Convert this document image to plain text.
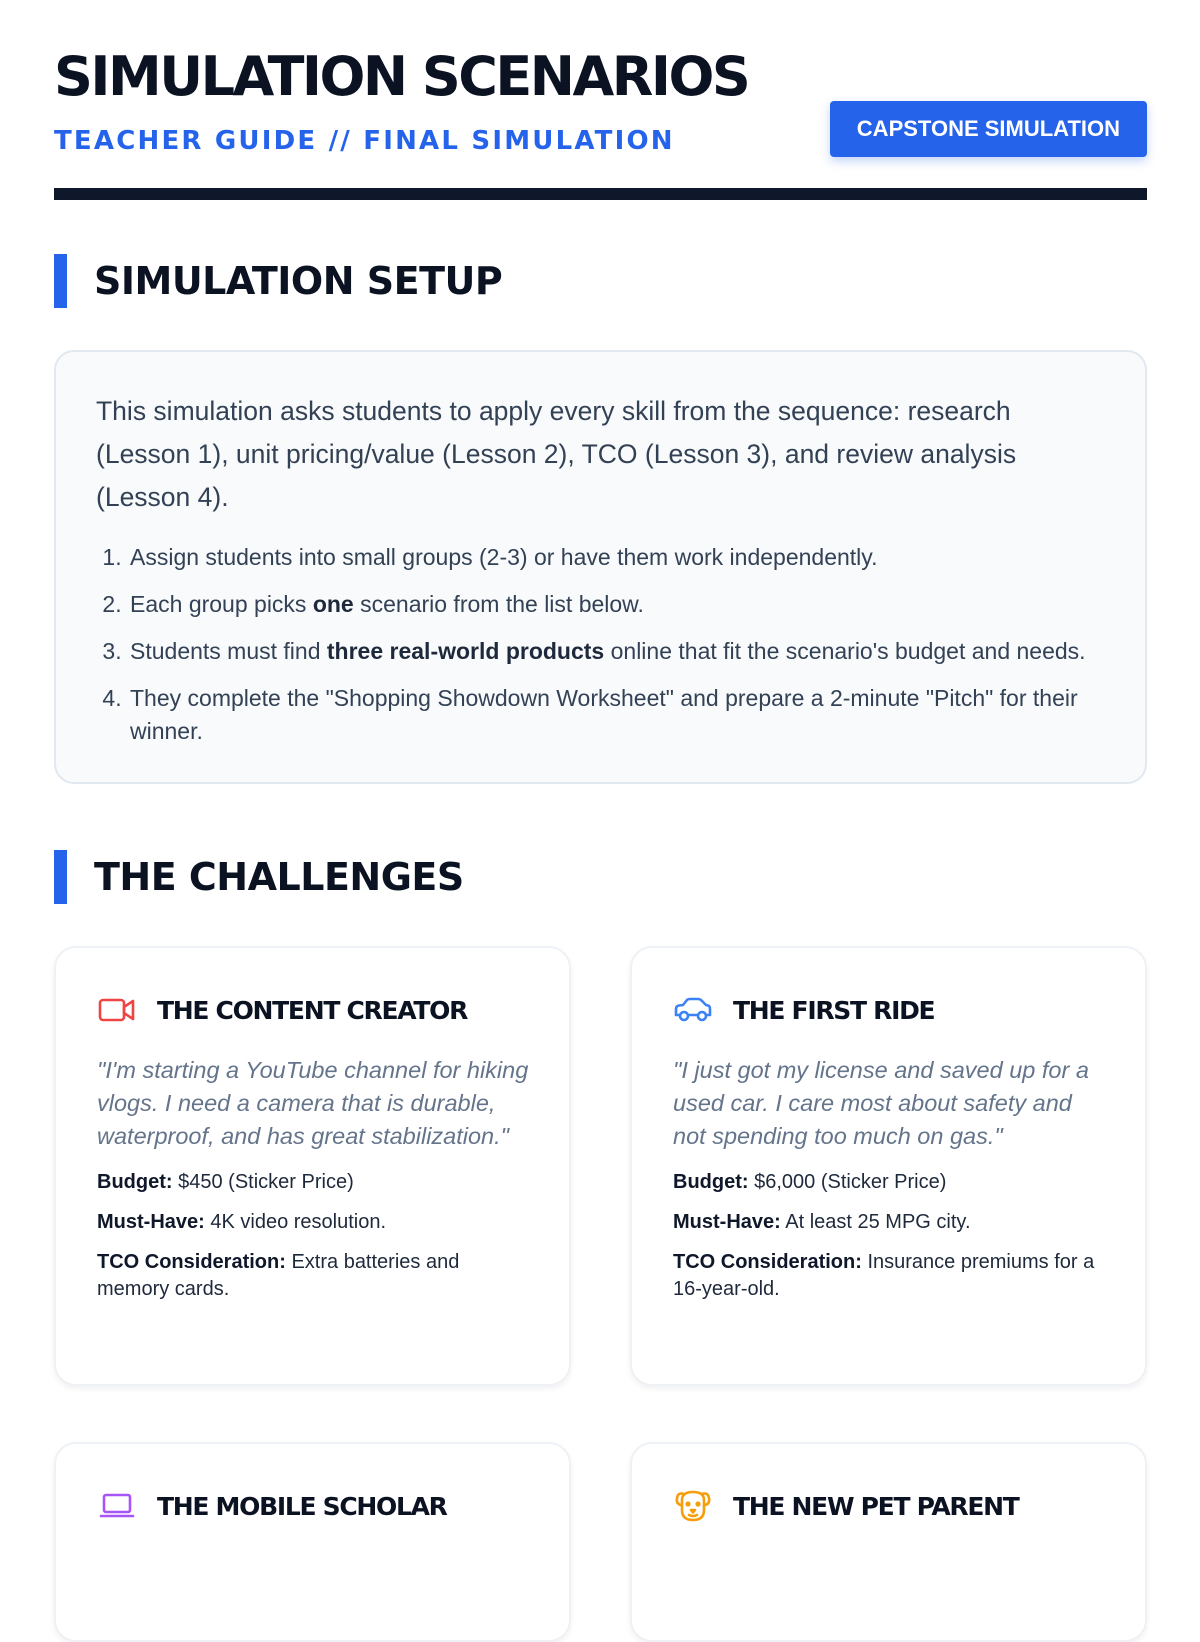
SIMULATION SCENARIOS
TEACHER GUIDE // FINAL SIMULATION	CAPSTONE SIMULATION
SIMULATION SETUP

This simulation asks students to apply every skill from the sequence: research (Lesson 1), unit pricing/value (Lesson 2), TCO (Lesson 3), and review analysis (Lesson 4).

1. Assign students into small groups (2-3) or have them work independently.
2. Each group picks one scenario from the list below.
3. Students must find three real-world products online that fit the scenario's budget and needs.
4. They complete the "Shopping Showdown Worksheet" and prepare a 2-minute "Pitch" for their winner.
THE CHALLENGES
THE CONTENT CREATOR
"I'm starting a YouTube channel for hiking vlogs. I need a camera that is durable, waterproof, and has great stabilization."
Budget: $450 (Sticker Price)
Must-Have: 4K video resolution.
TCO Consideration: Extra batteries and memory cards.
THE FIRST RIDE
"I just got my license and saved up for a used car. I care most about safety and not spending too much on gas."
Budget: $6,000 (Sticker Price)
Must-Have: At least 25 MPG city.
TCO Consideration: Insurance premiums for a 16-year-old.
THE MOBILE SCHOLAR	THE NEW PET PARENT
